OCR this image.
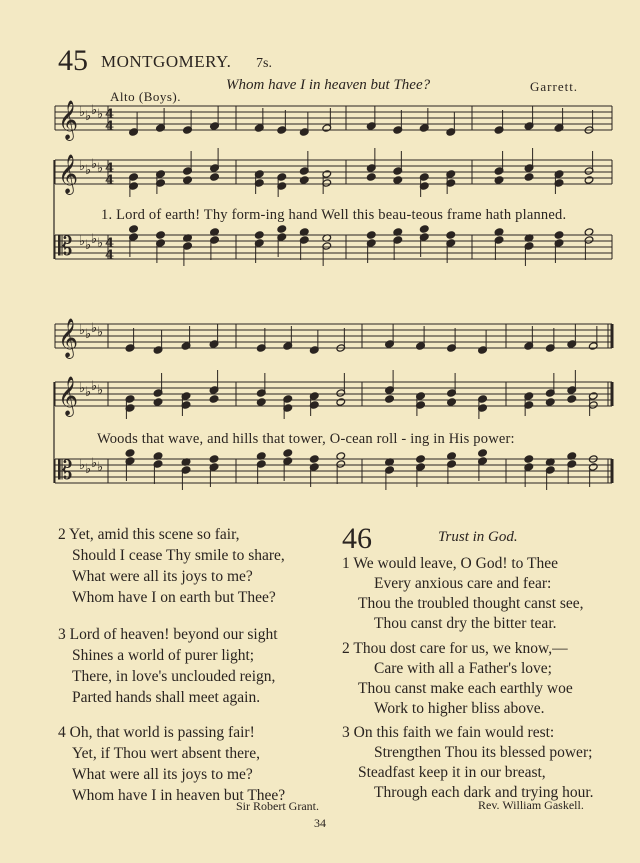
45 MONTGOMERY. 7s.
Whom have I in heaven but Thee?	Garrett.
Alto (Boys).
𝄞 ♭ ♭ ♭ ♭ 4
4
𝄞 ♭ ♭ ♭ ♭ 4
4
𝄡 ♭ ♭ ♭ ♭ 4
4
𝄞 ♭ ♭ ♭ ♭
𝄞 ♭ ♭ ♭ ♭
𝄡 ♭ ♭ ♭ ♭
1. Lord of earth! Thy form-ing hand Well this beau-teous frame hath planned.
Woods that wave, and hills that tower, O-cean roll - ing in His power:
2 Yet, amid this scene so fair,
Should I cease Thy smile to share,
What were all its joys to me?
Whom have I on earth but Thee?
3 Lord of heaven! beyond our sight
Shines a world of purer light;
There, in love's unclouded reign,
Parted hands shall meet again.
4 Oh, that world is passing fair!
Yet, if Thou wert absent there,
What were all its joys to me?
Whom have I in heaven but Thee?
Sir Robert Grant.
46	Trust in God.
1 We would leave, O God! to Thee
Every anxious care and fear:
Thou the troubled thought canst see,
Thou canst dry the bitter tear.
2 Thou dost care for us, we know,—
Care with all a Father's love;
Thou canst make each earthly woe
Work to higher bliss above.
3 On this faith we fain would rest:
Strengthen Thou its blessed power;
Steadfast keep it in our breast,
Through each dark and trying hour.
Rev. William Gaskell.
34
